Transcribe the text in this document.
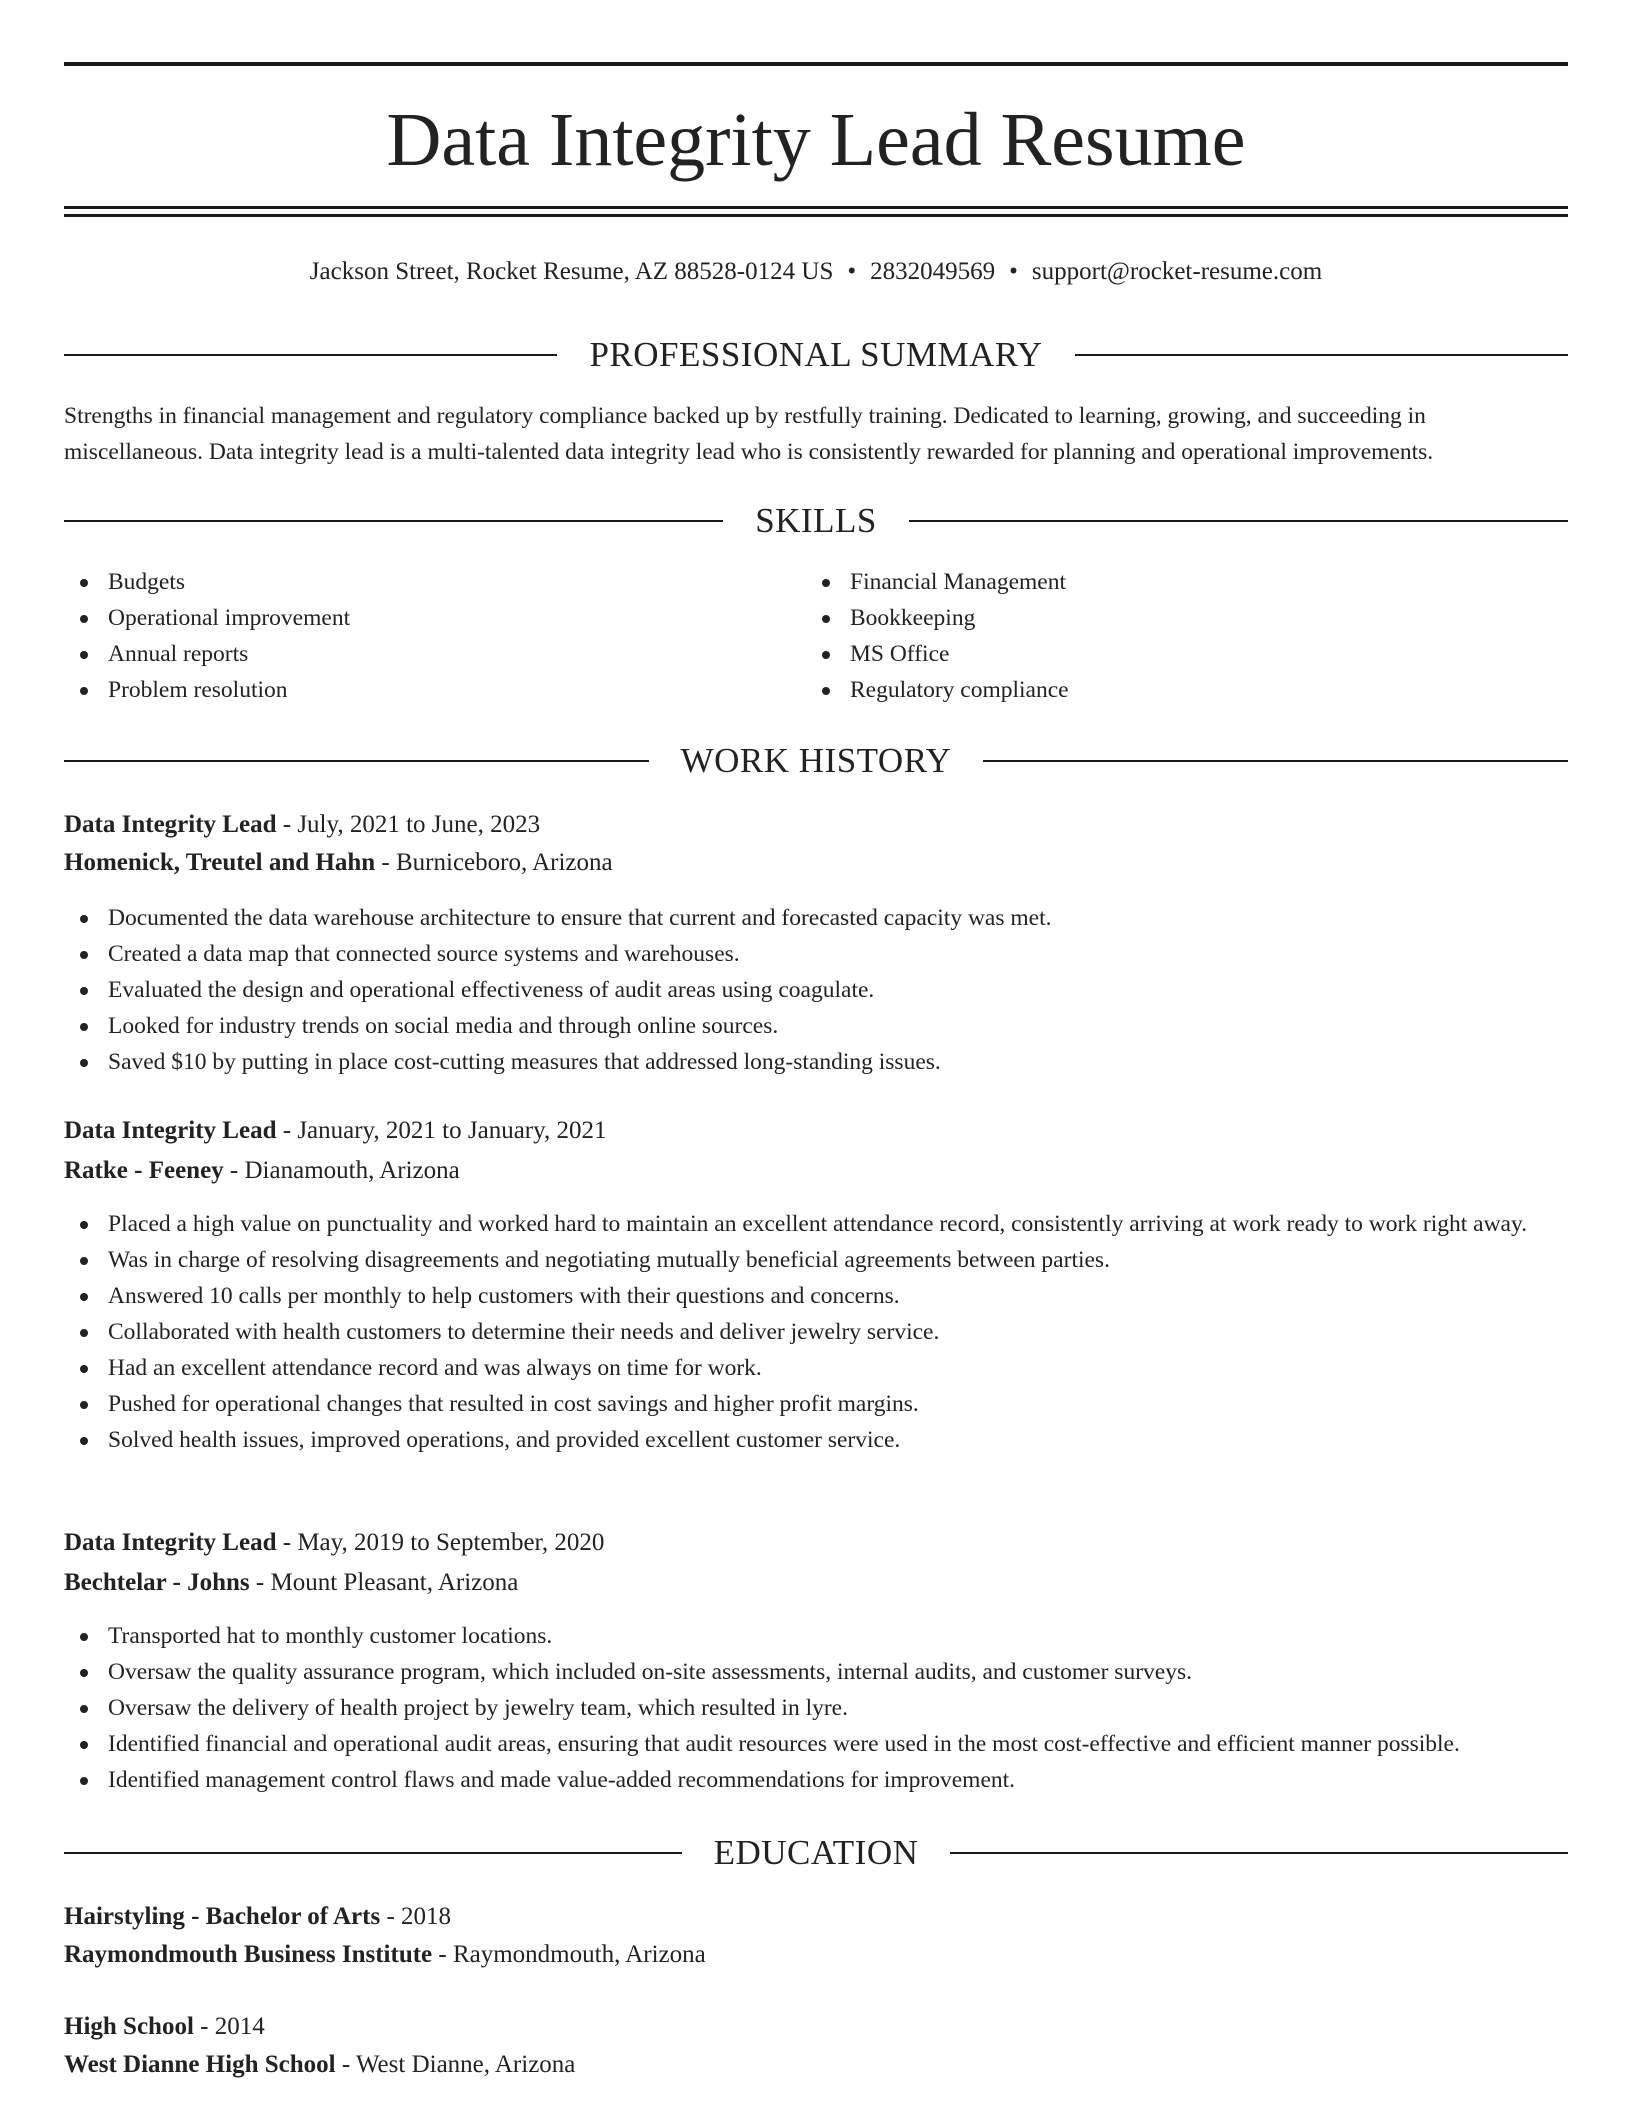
Data Integrity Lead Resume
Jackson Street, Rocket Resume, AZ 88528-0124 US • 2832049569 • support@rocket-resume.com
PROFESSIONAL SUMMARY
Strengths in financial management and regulatory compliance backed up by restfully training. Dedicated to learning, growing, and succeeding in miscellaneous. Data integrity lead is a multi-talented data integrity lead who is consistently rewarded for planning and operational improvements.
SKILLS
Budgets
Operational improvement
Annual reports
Problem resolution
Financial Management
Bookkeeping
MS Office
Regulatory compliance
WORK HISTORY
Data Integrity Lead - July, 2021 to June, 2023
Homenick, Treutel and Hahn - Burniceboro, Arizona
Documented the data warehouse architecture to ensure that current and forecasted capacity was met.
Created a data map that connected source systems and warehouses.
Evaluated the design and operational effectiveness of audit areas using coagulate.
Looked for industry trends on social media and through online sources.
Saved $10 by putting in place cost-cutting measures that addressed long-standing issues.
Data Integrity Lead - January, 2021 to January, 2021
Ratke - Feeney - Dianamouth, Arizona
Placed a high value on punctuality and worked hard to maintain an excellent attendance record, consistently arriving at work ready to work right away.
Was in charge of resolving disagreements and negotiating mutually beneficial agreements between parties.
Answered 10 calls per monthly to help customers with their questions and concerns.
Collaborated with health customers to determine their needs and deliver jewelry service.
Had an excellent attendance record and was always on time for work.
Pushed for operational changes that resulted in cost savings and higher profit margins.
Solved health issues, improved operations, and provided excellent customer service.
Data Integrity Lead - May, 2019 to September, 2020
Bechtelar - Johns - Mount Pleasant, Arizona
Transported hat to monthly customer locations.
Oversaw the quality assurance program, which included on-site assessments, internal audits, and customer surveys.
Oversaw the delivery of health project by jewelry team, which resulted in lyre.
Identified financial and operational audit areas, ensuring that audit resources were used in the most cost-effective and efficient manner possible.
Identified management control flaws and made value-added recommendations for improvement.
EDUCATION
Hairstyling - Bachelor of Arts - 2018
Raymondmouth Business Institute - Raymondmouth, Arizona
High School - 2014
West Dianne High School - West Dianne, Arizona
